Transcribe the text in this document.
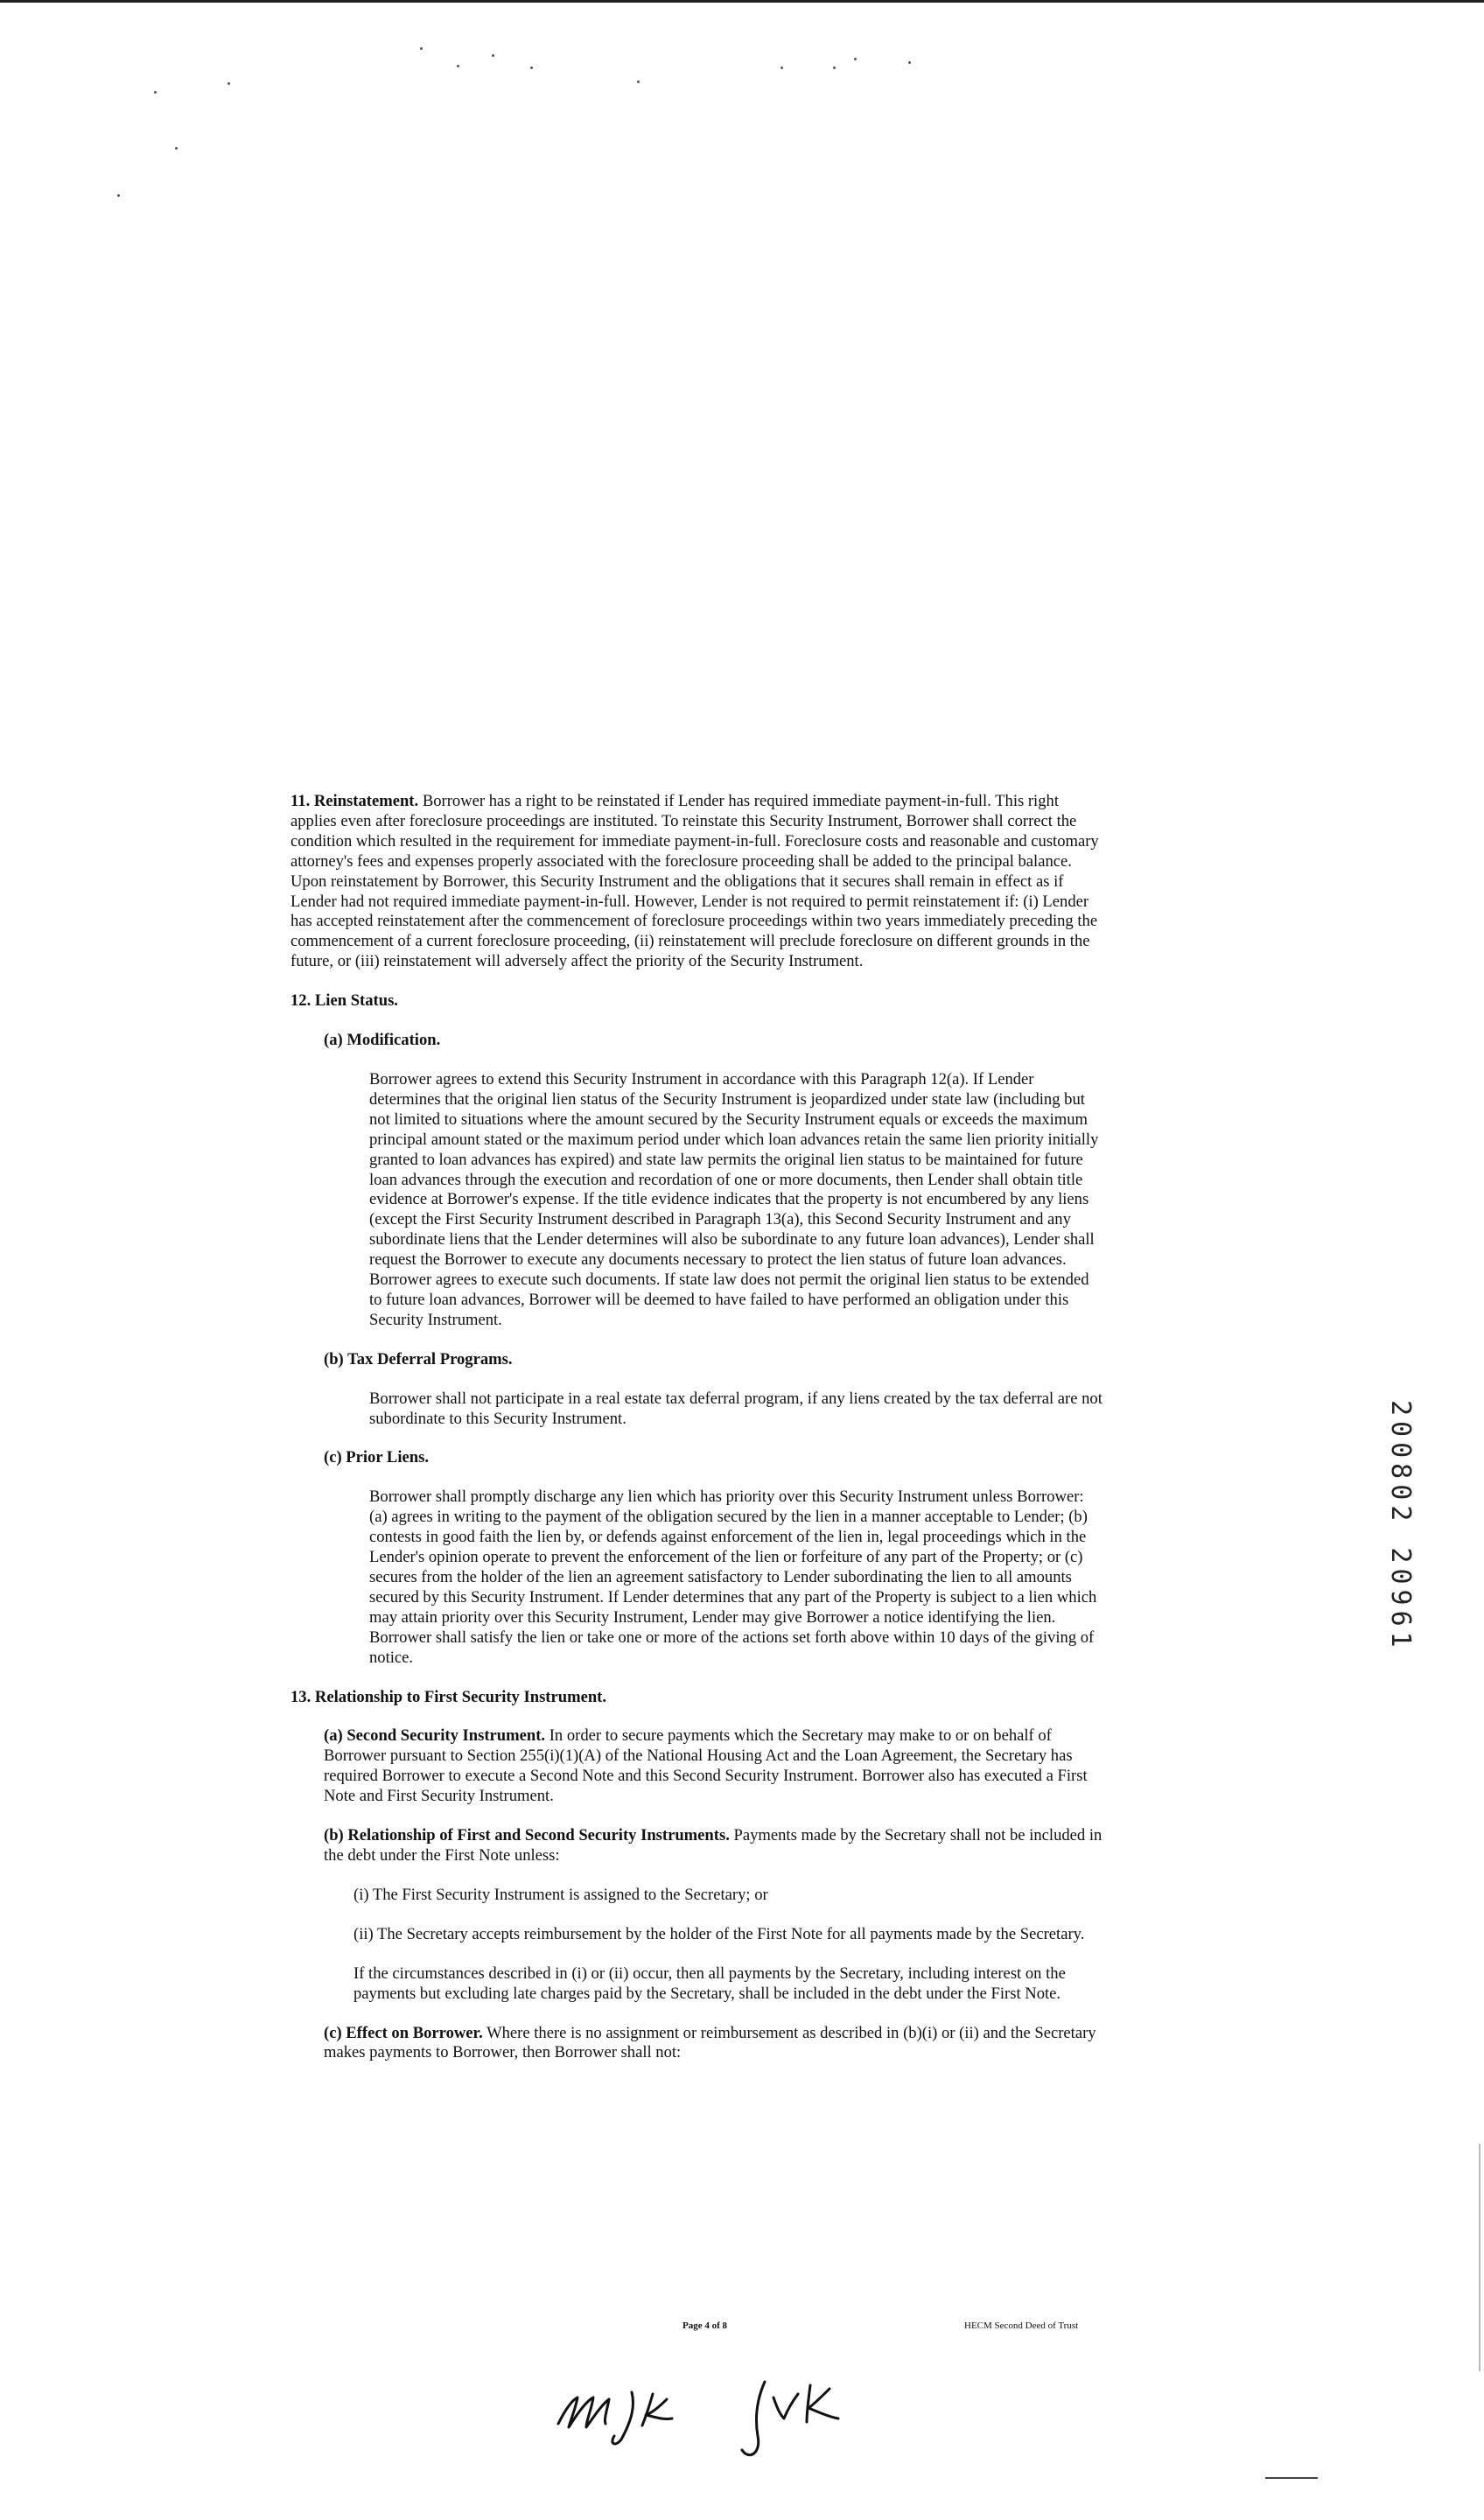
11. Reinstatement. Borrower has a right to be reinstated if Lender has required immediate payment-in-full. This right applies even after foreclosure proceedings are instituted. To reinstate this Security Instrument, Borrower shall correct the condition which resulted in the requirement for immediate payment-in-full. Foreclosure costs and reasonable and customary attorney's fees and expenses properly associated with the foreclosure proceeding shall be added to the principal balance. Upon reinstatement by Borrower, this Security Instrument and the obligations that it secures shall remain in effect as if Lender had not required immediate payment-in-full. However, Lender is not required to permit reinstatement if: (i) Lender has accepted reinstatement after the commencement of foreclosure proceedings within two years immediately preceding the commencement of a current foreclosure proceeding, (ii) reinstatement will preclude foreclosure on different grounds in the future, or (iii) reinstatement will adversely affect the priority of the Security Instrument.

12. Lien Status.

(a) Modification.

Borrower agrees to extend this Security Instrument in accordance with this Paragraph 12(a). If Lender determines that the original lien status of the Security Instrument is jeopardized under state law (including but not limited to situations where the amount secured by the Security Instrument equals or exceeds the maximum principal amount stated or the maximum period under which loan advances retain the same lien priority initially granted to loan advances has expired) and state law permits the original lien status to be maintained for future loan advances through the execution and recordation of one or more documents, then Lender shall obtain title evidence at Borrower's expense. If the title evidence indicates that the property is not encumbered by any liens (except the First Security Instrument described in Paragraph 13(a), this Second Security Instrument and any subordinate liens that the Lender determines will also be subordinate to any future loan advances), Lender shall request the Borrower to execute any documents necessary to protect the lien status of future loan advances. Borrower agrees to execute such documents. If state law does not permit the original lien status to be extended to future loan advances, Borrower will be deemed to have failed to have performed an obligation under this Security Instrument.

(b) Tax Deferral Programs.

Borrower shall not participate in a real estate tax deferral program, if any liens created by the tax deferral are not subordinate to this Security Instrument.

(c) Prior Liens.

Borrower shall promptly discharge any lien which has priority over this Security Instrument unless Borrower: (a) agrees in writing to the payment of the obligation secured by the lien in a manner acceptable to Lender; (b) contests in good faith the lien by, or defends against enforcement of the lien in, legal proceedings which in the Lender's opinion operate to prevent the enforcement of the lien or forfeiture of any part of the Property; or (c) secures from the holder of the lien an agreement satisfactory to Lender subordinating the lien to all amounts secured by this Security Instrument. If Lender determines that any part of the Property is subject to a lien which may attain priority over this Security Instrument, Lender may give Borrower a notice identifying the lien. Borrower shall satisfy the lien or take one or more of the actions set forth above within 10 days of the giving of notice.

13. Relationship to First Security Instrument.

(a) Second Security Instrument. In order to secure payments which the Secretary may make to or on behalf of Borrower pursuant to Section 255(i)(1)(A) of the National Housing Act and the Loan Agreement, the Secretary has required Borrower to execute a Second Note and this Second Security Instrument. Borrower also has executed a First Note and First Security Instrument.

(b) Relationship of First and Second Security Instruments. Payments made by the Secretary shall not be included in the debt under the First Note unless:

(i) The First Security Instrument is assigned to the Secretary; or

(ii) The Secretary accepts reimbursement by the holder of the First Note for all payments made by the Secretary.

If the circumstances described in (i) or (ii) occur, then all payments by the Secretary, including interest on the payments but excluding late charges paid by the Secretary, shall be included in the debt under the First Note.

(c) Effect on Borrower. Where there is no assignment or reimbursement as described in (b)(i) or (ii) and the Secretary makes payments to Borrower, then Borrower shall not:

Page 4 of 8	HECM Second Deed of Trust
200802 20961
